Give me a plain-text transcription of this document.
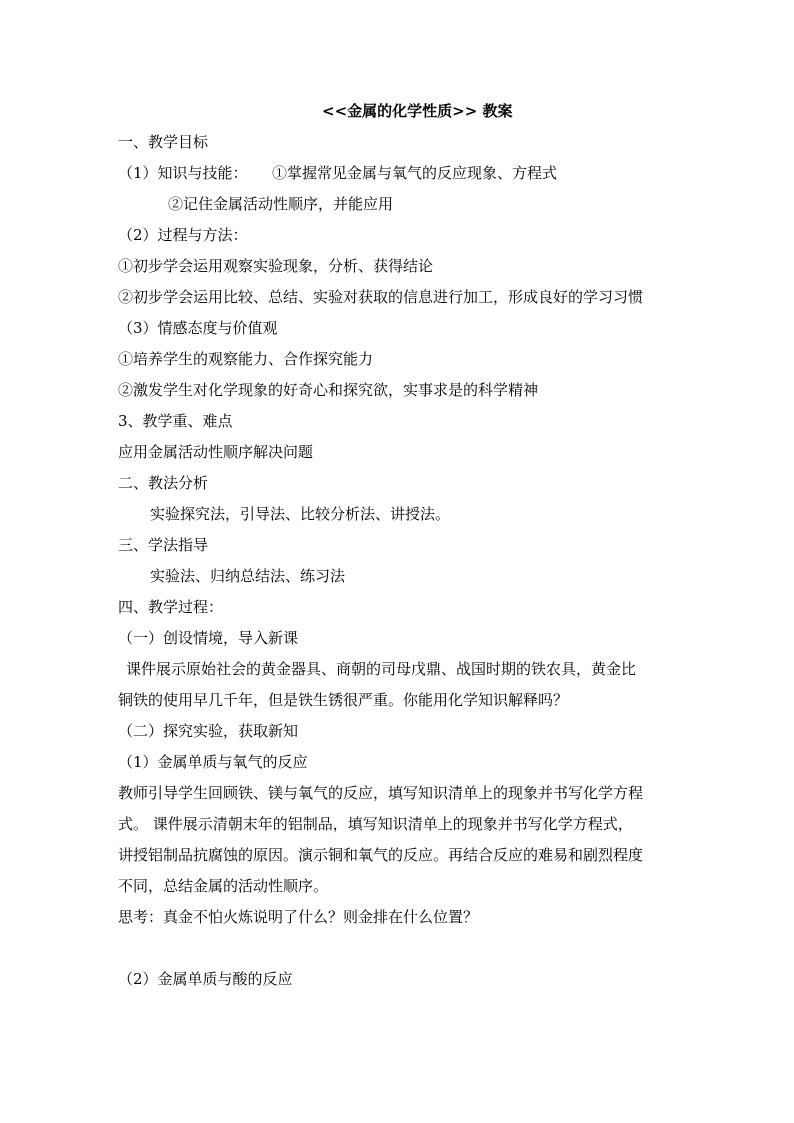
<<金属的化学性质>> 教案
一、教学目标
（1）知识与技能： ①掌握常见金属与氧气的反应现象、方程式
②记住金属活动性顺序，并能应用
（2）过程与方法：
①初步学会运用观察实验现象，分析、获得结论
②初步学会运用比较、总结、实验对获取的信息进行加工，形成良好的学习习惯
（3）情感态度与价值观
①培养学生的观察能力、合作探究能力
②激发学生对化学现象的好奇心和探究欲，实事求是的科学精神
3、教学重、难点
应用金属活动性顺序解决问题
二、教法分析
实验探究法，引导法、比较分析法、讲授法。
三、学法指导
实验法、归纳总结法、练习法
四、教学过程：
（一）创设情境，导入新课
课件展示原始社会的黄金器具、商朝的司母戊鼎、战国时期的铁农具，黄金比
铜铁的使用早几千年，但是铁生锈很严重。你能用化学知识解释吗？
（二）探究实验，获取新知
（1）金属单质与氧气的反应
教师引导学生回顾铁、镁与氧气的反应，填写知识清单上的现象并书写化学方程
式。 课件展示清朝末年的铝制品，填写知识清单上的现象并书写化学方程式，
讲授铝制品抗腐蚀的原因。演示铜和氧气的反应。再结合反应的难易和剧烈程度
不同，总结金属的活动性顺序。
思考：真金不怕火炼说明了什么？则金排在什么位置？
（2）金属单质与酸的反应
